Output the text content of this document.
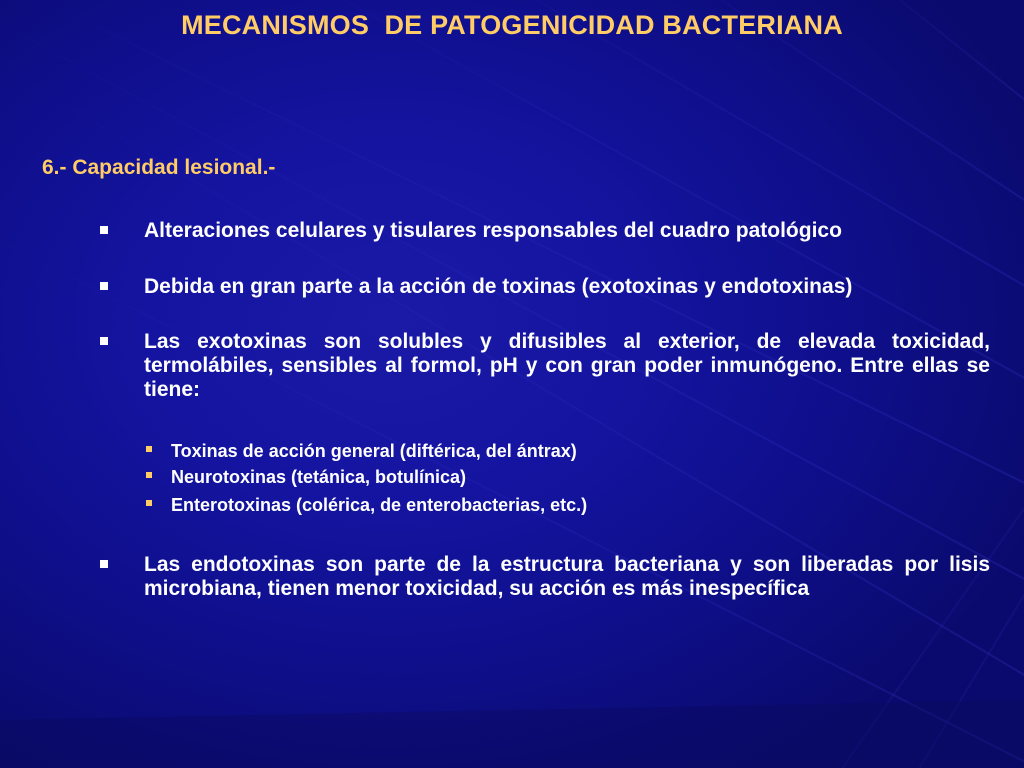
MECANISMOS  DE PATOGENICIDAD BACTERIANA
6.- Capacidad lesional.-
Alteraciones celulares y tisulares responsables del cuadro patológico
Debida en gran parte a la acción de toxinas (exotoxinas y endotoxinas)
Las exotoxinas son solubles y difusibles al exterior, de elevada toxicidad, termolábiles, sensibles al formol, pH y con gran poder inmunógeno. Entre ellas se tiene:
Toxinas de acción general (diftérica, del ántrax)
Neurotoxinas (tetánica, botulínica)
Enterotoxinas (colérica, de enterobacterias, etc.)
Las endotoxinas son parte de la estructura bacteriana y son liberadas por lisis microbiana, tienen menor toxicidad, su acción es más inespecífica
